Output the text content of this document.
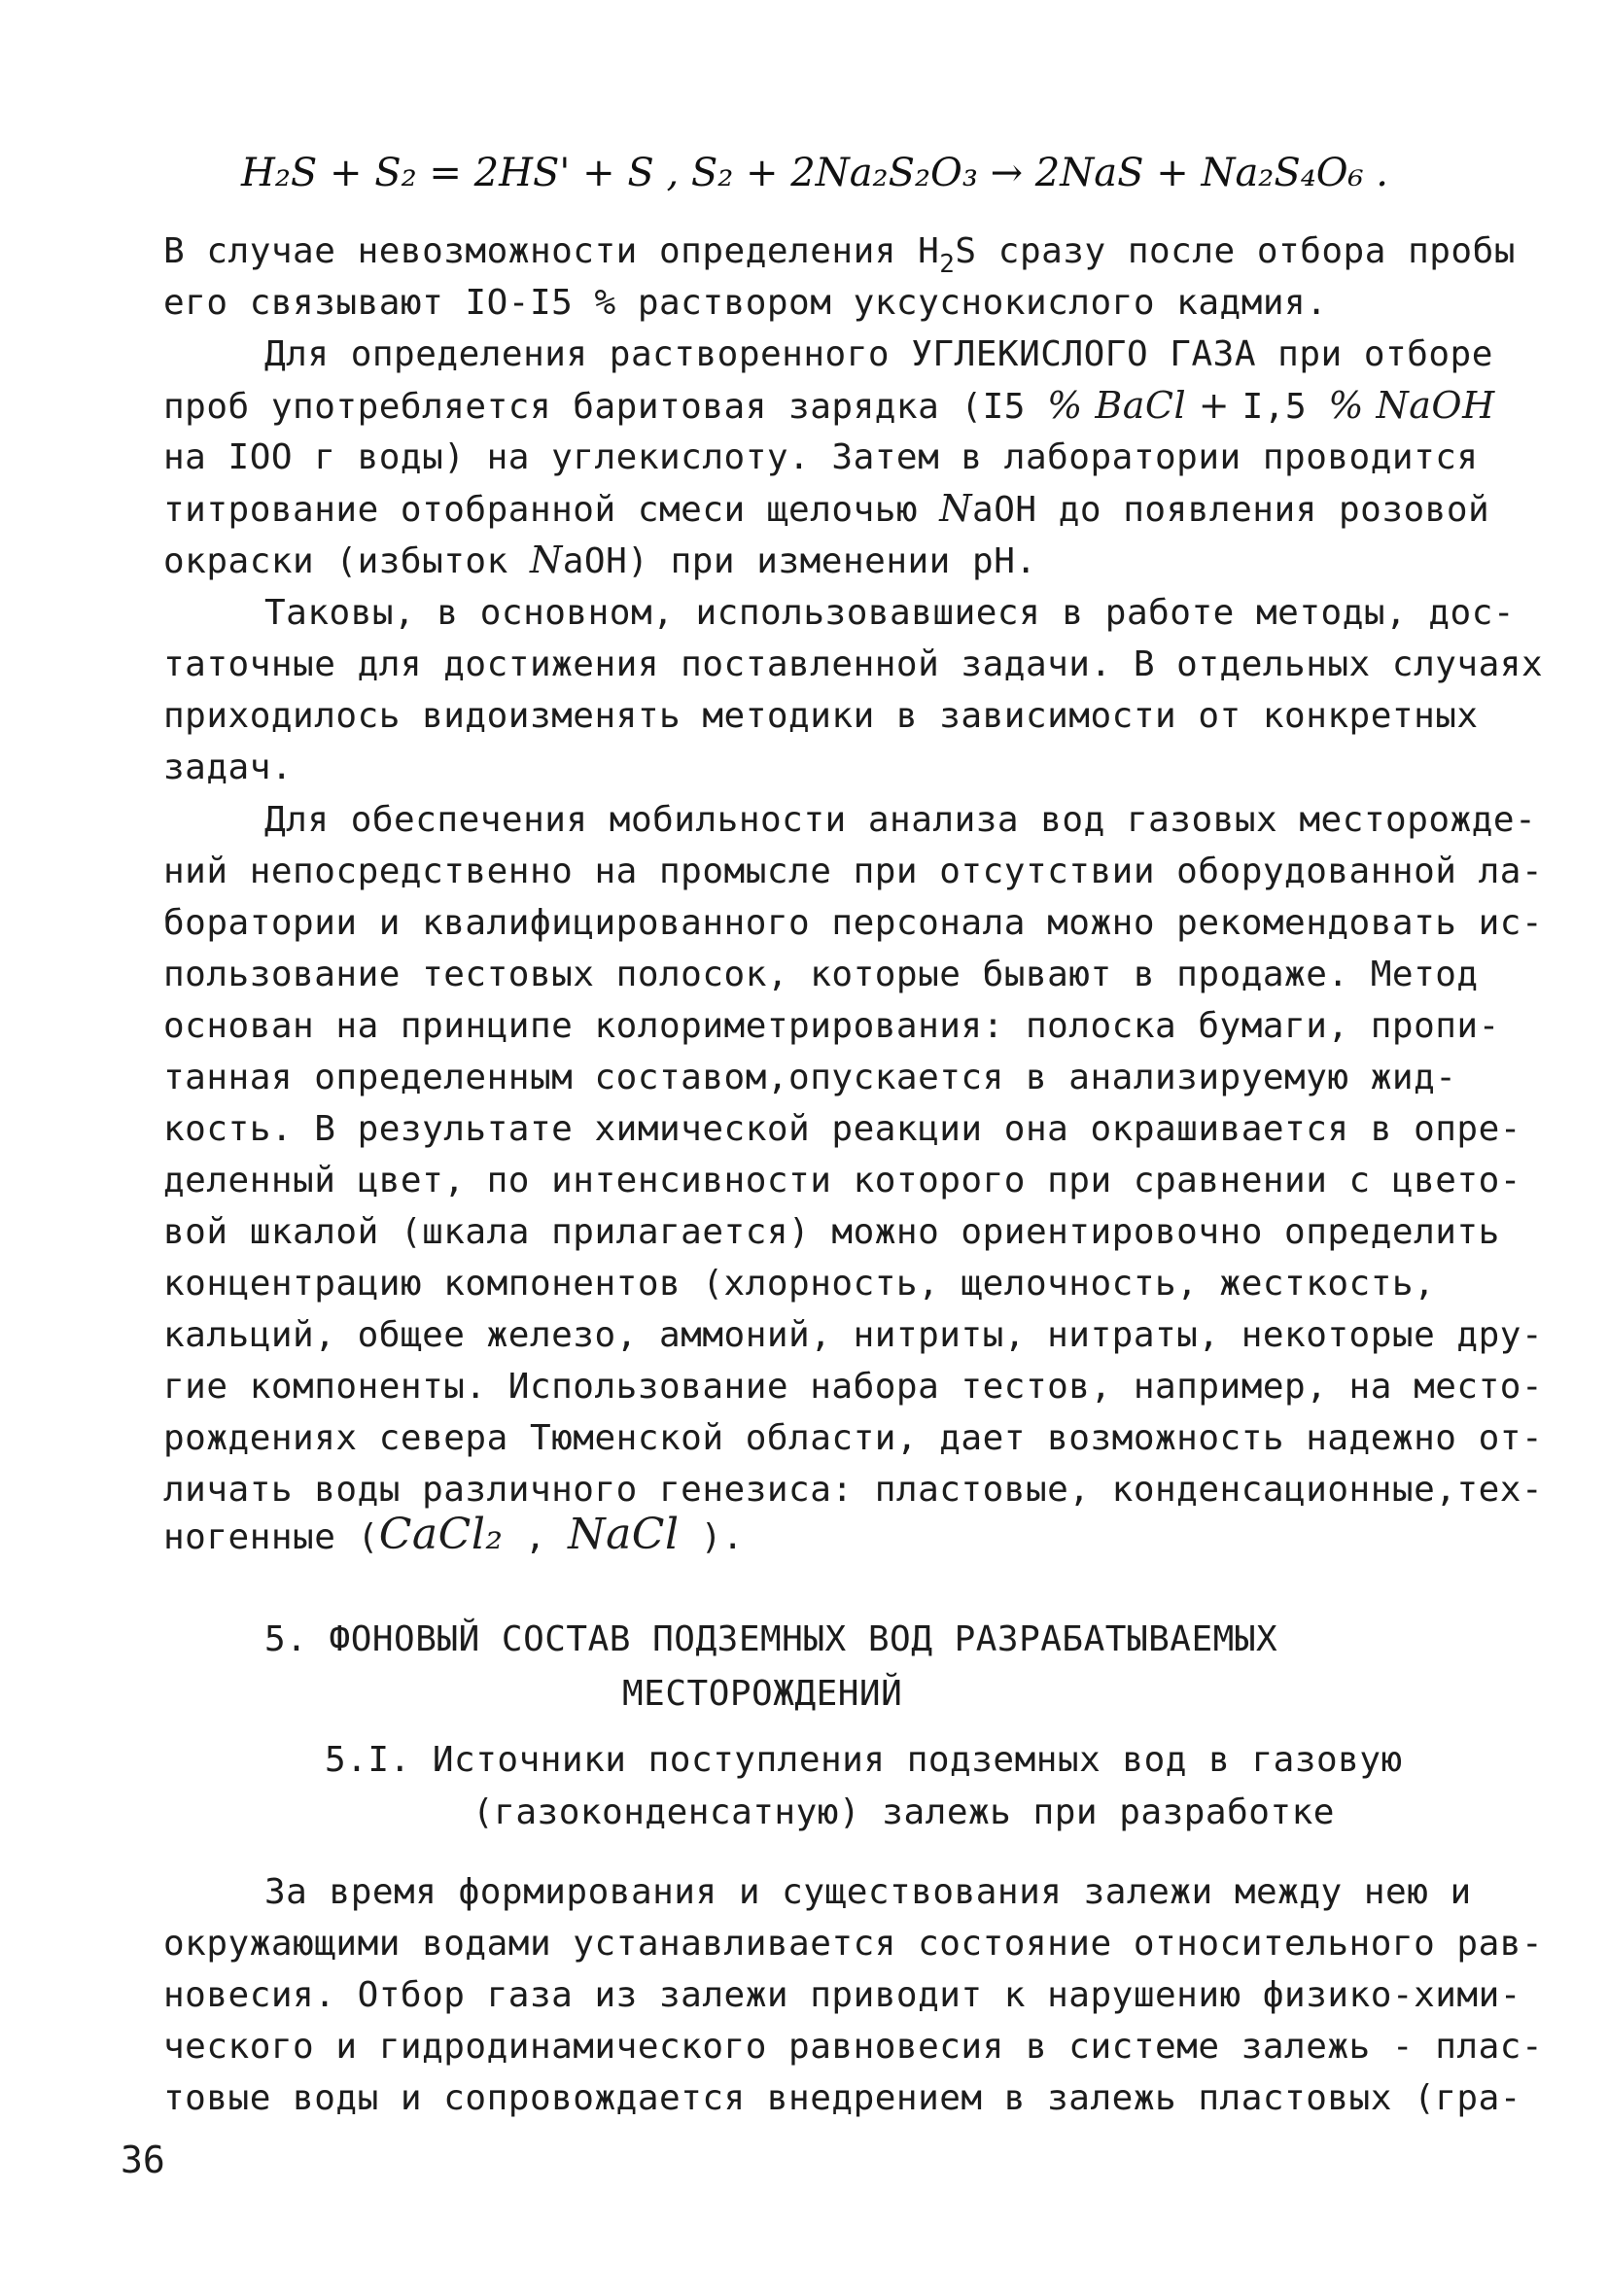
H₂S + S₂ = 2HS' + S , S₂ + 2Na₂S₂O₃ → 2NaS + Na₂S₄O₆ .
В случае невозможности определения $H_2S$ сразу после отбора пробы
его связывают IO-I5 % раствором уксуснокислого кадмия.
Для определения растворенного УГЛЕКИСЛОГО ГАЗА при отборе
проб употребляется баритовая зарядка (I5 % BaCl + I,5 % NaOH
на IOO г воды) на углекислоту. Затем в лаборатории проводится
титрование отобранной смеси щелочью NaOH до появления розовой
окраски (избыток NaOH) при изменении pH.
Таковы, в основном, использовавшиеся в работе методы, дос-
таточные для достижения поставленной задачи. В отдельных случаях
приходилось видоизменять методики в зависимости от конкретных
задач.
Для обеспечения мобильности анализа вод газовых месторожде-
ний непосредственно на промысле при отсутствии оборудованной ла-
боратории и квалифицированного персонала можно рекомендовать ис-
пользование тестовых полосок, которые бывают в продаже. Метод
основан на принципе колориметрирования: полоска бумаги, пропи-
танная определенным составом,опускается в анализируемую жид-
кость. В результате химической реакции она окрашивается в опре-
деленный цвет, по интенсивности которого при сравнении с цвето-
вой шкалой (шкала прилагается) можно ориентировочно определить
концентрацию компонентов (хлорность, щелочность, жесткость,
кальций, общее железо, аммоний, нитриты, нитраты, некоторые дру-
гие компоненты. Использование набора тестов, например, на место-
рождениях севера Тюменской области, дает возможность надежно от-
личать воды различного генезиса: пластовые, конденсационные,тех-
ногенные (CaCl₂ , NaCl ).
5. ФОНОВЫЙ СОСТАВ ПОДЗЕМНЫХ ВОД РАЗРАБАТЫВАЕМЫХ
МЕСТОРОЖДЕНИЙ
5.I. Источники поступления подземных вод в газовую
(газоконденсатную) залежь при разработке
За время формирования и существования залежи между нею и
окружающими водами устанавливается состояние относительного рав-
новесия. Отбор газа из залежи приводит к нарушению физико-хими-
ческого и гидродинамического равновесия в системе залежь - плас-
товые воды и сопровождается внедрением в залежь пластовых (гра-
36
